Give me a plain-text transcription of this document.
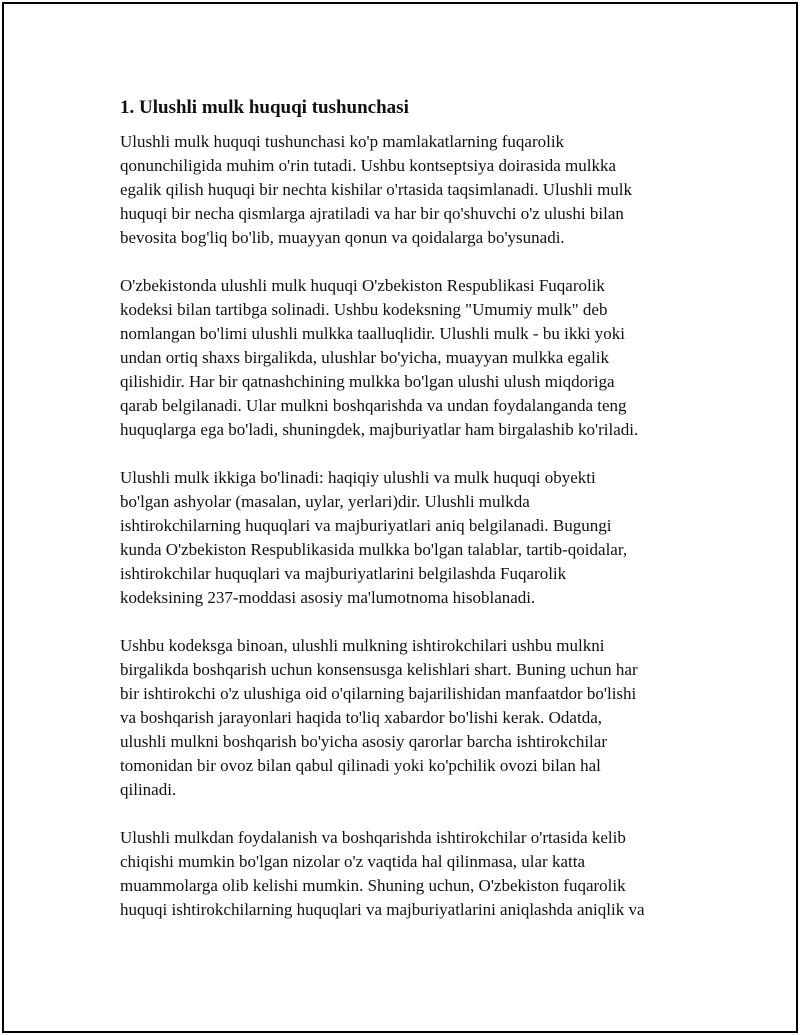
1. Ulushli mulk huquqi tushunchasi

Ulushli mulk huquqi tushunchasi ko'p mamlakatlarning fuqarolik
qonunchiligida muhim o'rin tutadi. Ushbu kontseptsiya doirasida mulkka
egalik qilish huquqi bir nechta kishilar o'rtasida taqsimlanadi. Ulushli mulk
huquqi bir necha qismlarga ajratiladi va har bir qo'shuvchi o'z ulushi bilan
bevosita bog'liq bo'lib, muayyan qonun va qoidalarga bo'ysunadi.

O'zbekistonda ulushli mulk huquqi O'zbekiston Respublikasi Fuqarolik
kodeksi bilan tartibga solinadi. Ushbu kodeksning "Umumiy mulk" deb
nomlangan bo'limi ulushli mulkka taalluqlidir. Ulushli mulk - bu ikki yoki
undan ortiq shaxs birgalikda, ulushlar bo'yicha, muayyan mulkka egalik
qilishidir. Har bir qatnashchining mulkka bo'lgan ulushi ulush miqdoriga
qarab belgilanadi. Ular mulkni boshqarishda va undan foydalanganda teng
huquqlarga ega bo'ladi, shuningdek, majburiyatlar ham birgalashib ko'riladi.

Ulushli mulk ikkiga bo'linadi: haqiqiy ulushli va mulk huquqi obyekti
bo'lgan ashyolar (masalan, uylar, yerlari)dir. Ulushli mulkda
ishtirokchilarning huquqlari va majburiyatlari aniq belgilanadi. Bugungi
kunda O'zbekiston Respublikasida mulkka bo'lgan talablar, tartib-qoidalar,
ishtirokchilar huquqlari va majburiyatlarini belgilashda Fuqarolik
kodeksining 237-moddasi asosiy ma'lumotnoma hisoblanadi.

Ushbu kodeksga binoan, ulushli mulkning ishtirokchilari ushbu mulkni
birgalikda boshqarish uchun konsensusga kelishlari shart. Buning uchun har
bir ishtirokchi o'z ulushiga oid o'qilarning bajarilishidan manfaatdor bo'lishi
va boshqarish jarayonlari haqida to'liq xabardor bo'lishi kerak. Odatda,
ulushli mulkni boshqarish bo'yicha asosiy qarorlar barcha ishtirokchilar
tomonidan bir ovoz bilan qabul qilinadi yoki ko'pchilik ovozi bilan hal
qilinadi.

Ulushli mulkdan foydalanish va boshqarishda ishtirokchilar o'rtasida kelib
chiqishi mumkin bo'lgan nizolar o'z vaqtida hal qilinmasa, ular katta
muammolarga olib kelishi mumkin. Shuning uchun, O'zbekiston fuqarolik
huquqi ishtirokchilarning huquqlari va majburiyatlarini aniqlashda aniqlik va
